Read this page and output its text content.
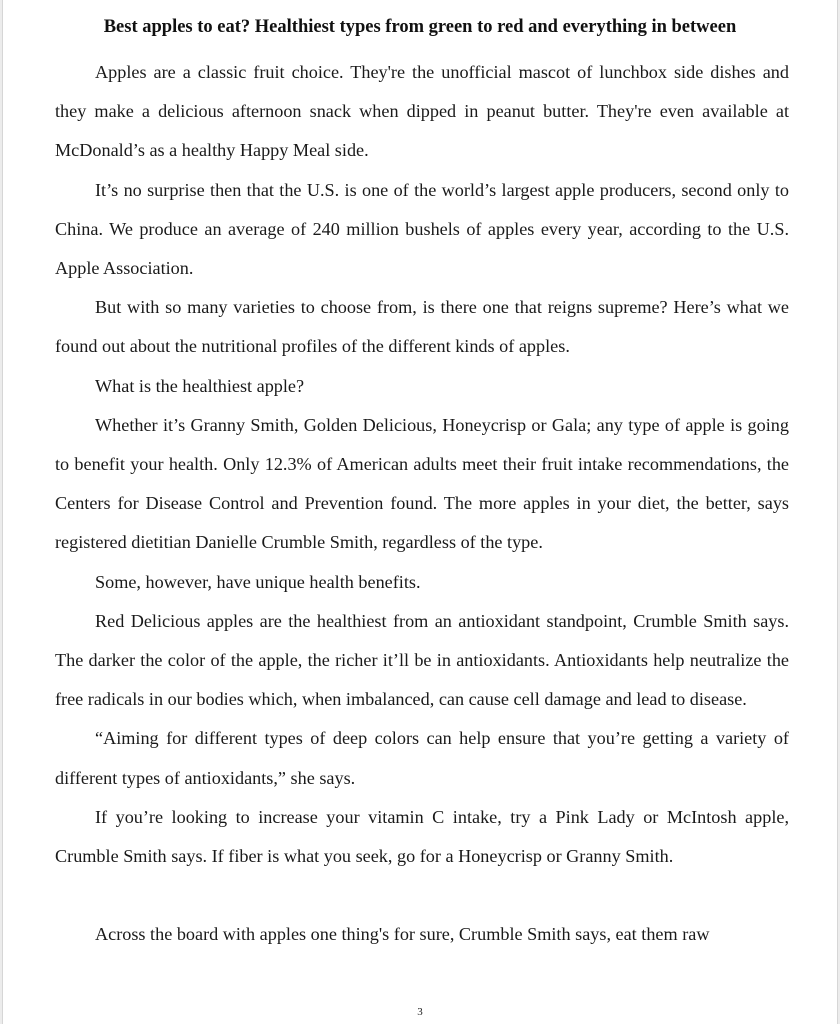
Best apples to eat? Healthiest types from green to red and everything in between

Apples are a classic fruit choice. They're the unofficial mascot of lunchbox side dishes and they make a delicious afternoon snack when dipped in peanut butter. They're even available at McDonald’s as a healthy Happy Meal side.

It’s no surprise then that the U.S. is one of the world’s largest apple producers, second only to China. We produce an average of 240 million bushels of apples every year, according to the U.S. Apple Association.

But with so many varieties to choose from, is there one that reigns supreme? Here’s what we found out about the nutritional profiles of the different kinds of apples.

What is the healthiest apple?

Whether it’s Granny Smith, Golden Delicious, Honeycrisp or Gala; any type of apple is going to benefit your health. Only 12.3% of American adults meet their fruit intake recommendations, the Centers for Disease Control and Prevention found. The more apples in your diet, the better, says registered dietitian Danielle Crumble Smith, regardless of the type.

Some, however, have unique health benefits.

Red Delicious apples are the healthiest from an antioxidant standpoint, Crumble Smith says. The darker the color of the apple, the richer it’ll be in antioxidants. Antioxidants help neutralize the free radicals in our bodies which, when imbalanced, can cause cell damage and lead to disease.

“Aiming for different types of deep colors can help ensure that you’re getting a variety of different types of antioxidants,” she says.

If you’re looking to increase your vitamin C intake, try a Pink Lady or McIntosh apple, Crumble Smith says. If fiber is what you seek, go for a Honeycrisp or Granny Smith.

Across the board with apples one thing's for sure, Crumble Smith says, eat them raw

3
